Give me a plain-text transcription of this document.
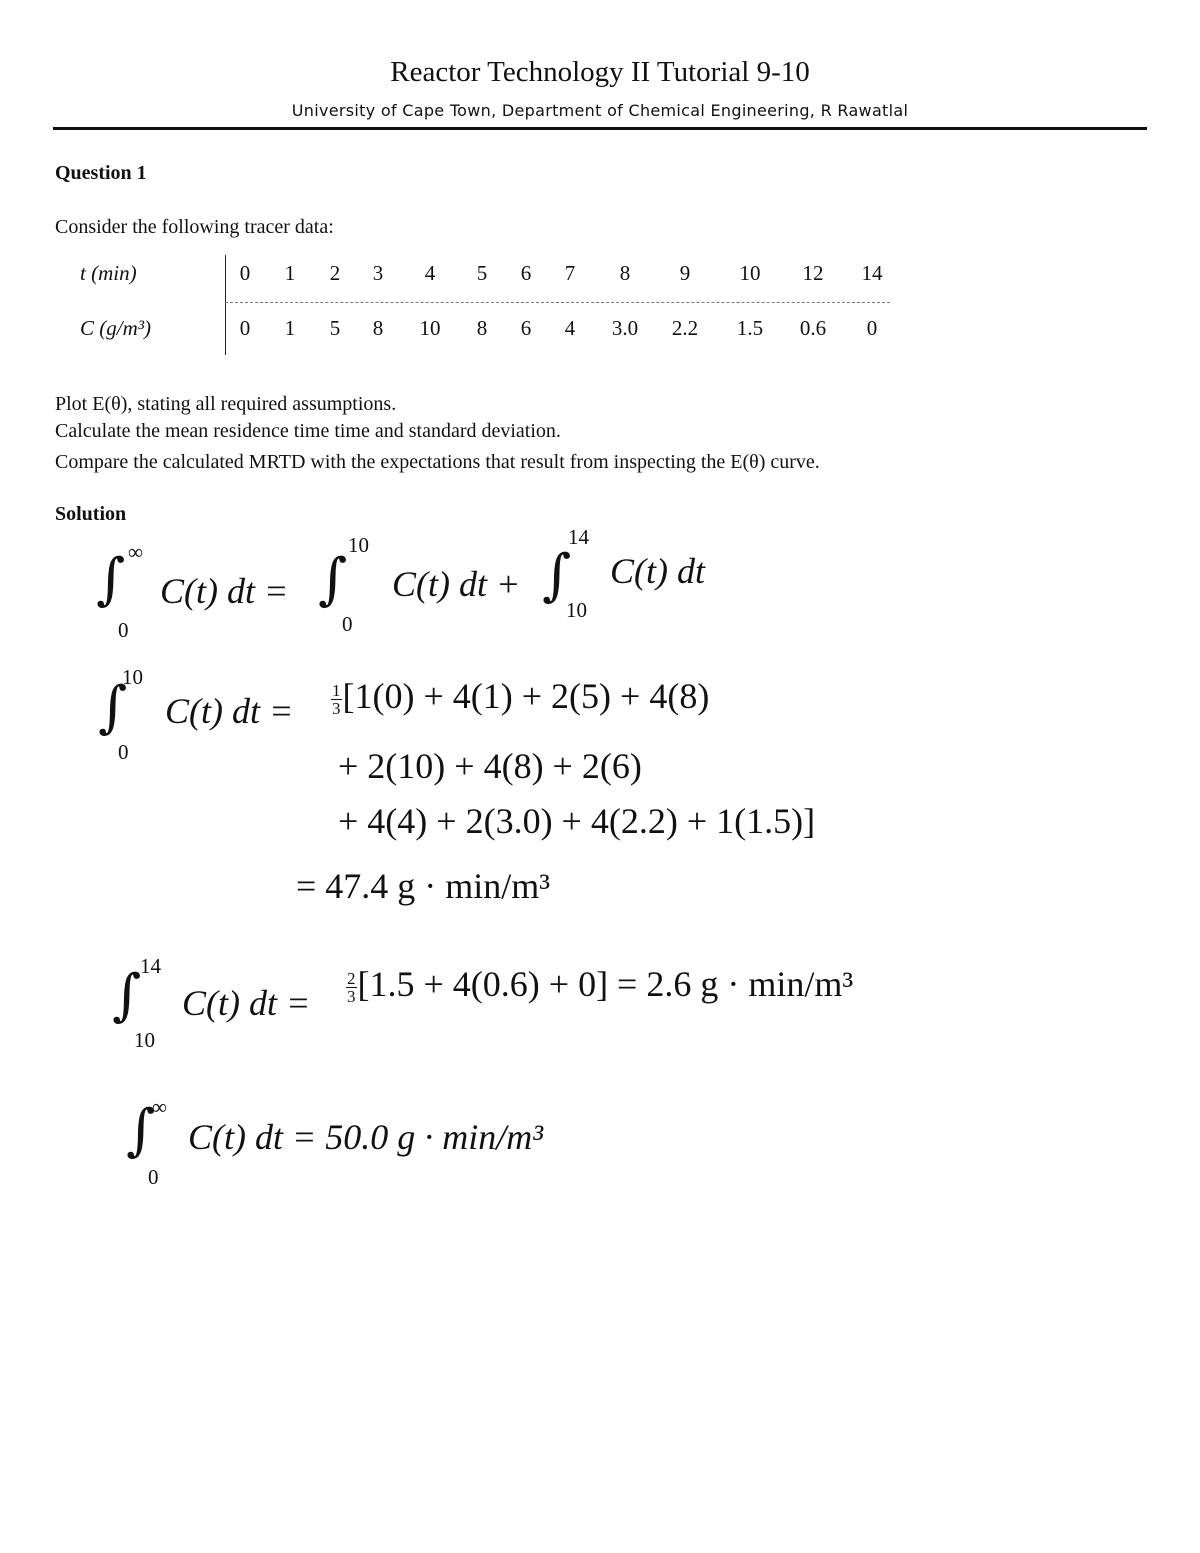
Reactor Technology II Tutorial 9-10
University of Cape Town, Department of Chemical Engineering, R Rawatlal
Question 1
Consider the following tracer data:
t (min)	0	1	2	3	4	5	6	7	8	9	10	12	14
C (g/m³)	0	1	5	8	10	8	6	4	3.0	2.2	1.5	0.6	0
Plot E(θ), stating all required assumptions.
Calculate the mean residence time time and standard deviation.
Compare the calculated MRTD with the expectations that result from inspecting the E(θ) curve.
Solution
∫ ∞
0
C(t) dt = ∫
10
0
C(t) dt + ∫
14
10
C(t) dt
∫
10
0
C(t) dt = $\frac{1}{3} [1(0) + 4(1) + 2(5) + 4(8)$
+ 2(10) + 4(8) + 2(6)
+ 4(4) + 2(3.0) + 4(2.2) + 1(1.5)]
= 47.4 g · min/m³
∫
14
10
C(t) dt = $\frac{2}{3} [1.5 + 4(0.6) + 0] = 2.6$ g · min/m³
∫
∞
0
C(t) dt = 50.0 g · min/m³
